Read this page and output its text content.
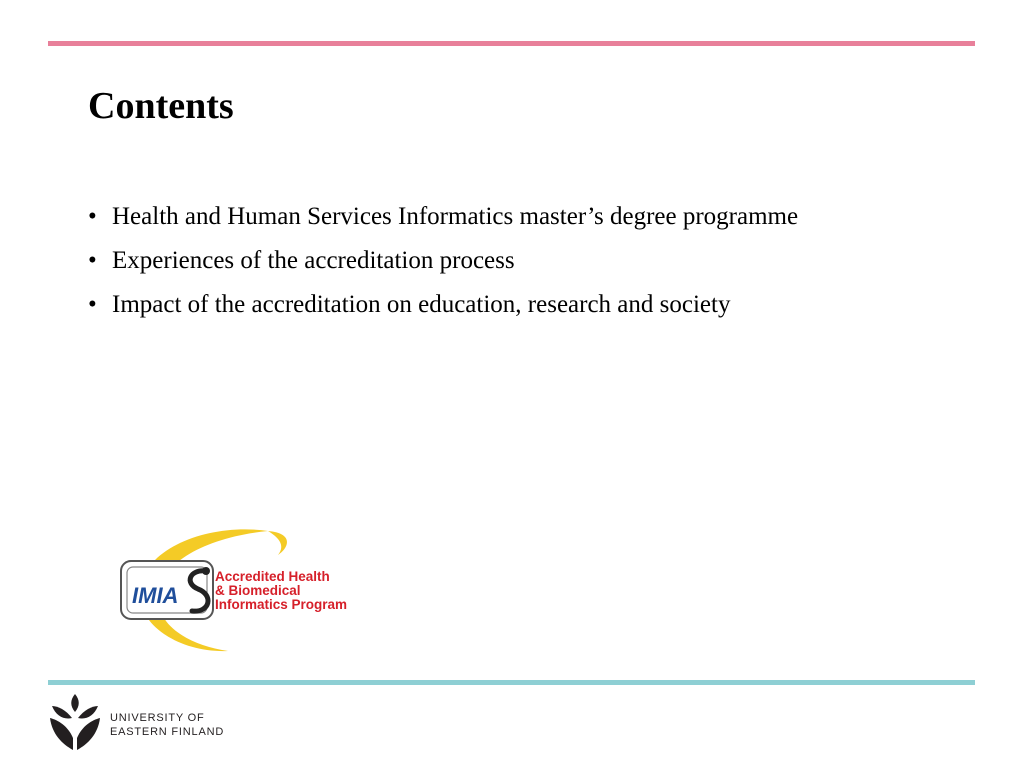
Contents
• Health and Human Services Informatics master’s degree programme
• Experiences of the accreditation process
• Impact of the accreditation on education, research and society
IMIA
Accredited Health
& Biomedical
Informatics Program
UNIVERSITY OF
EASTERN FINLAND
